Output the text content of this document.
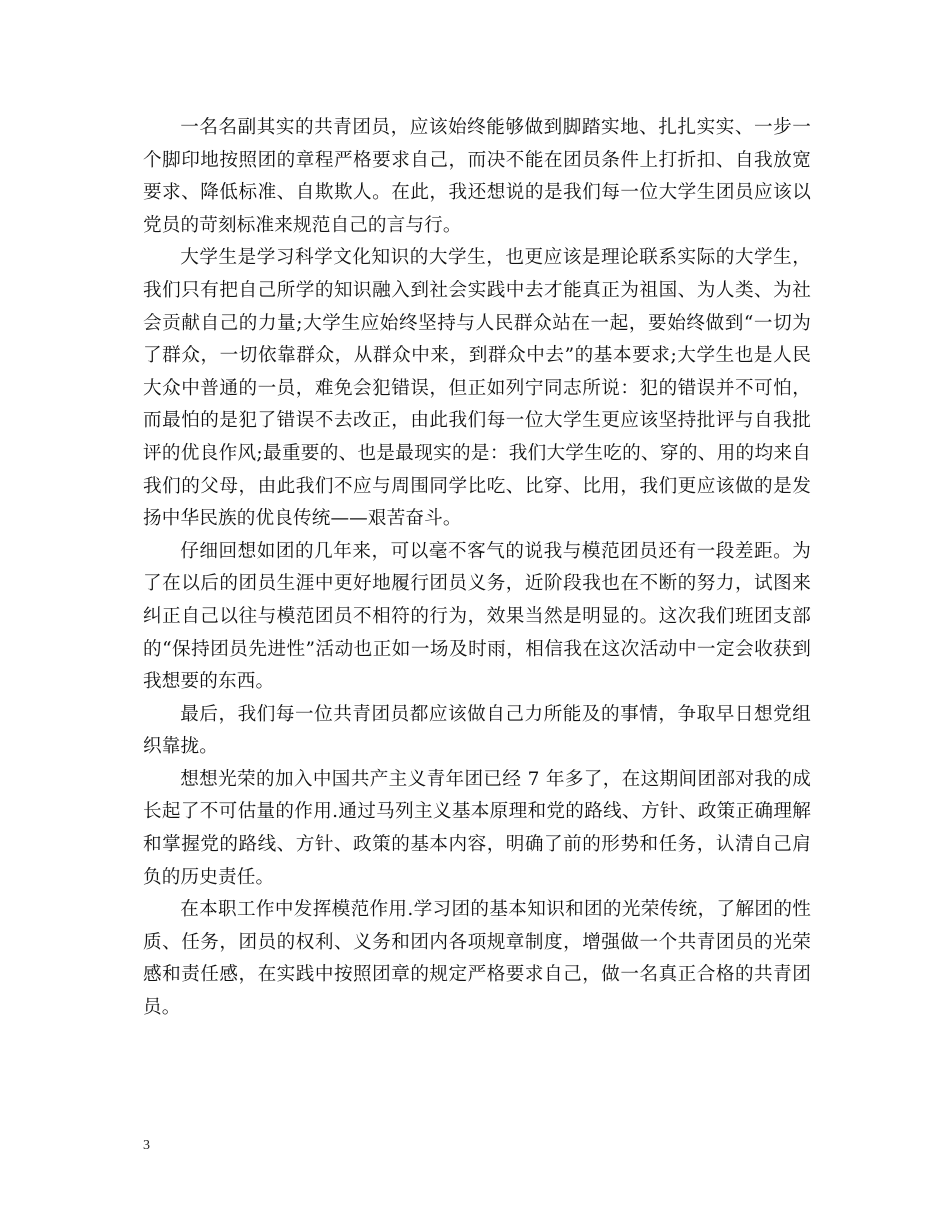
一名名副其实的共青团员，应该始终能够做到脚踏实地、扎扎实实、一步一个脚印地按照团的章程严格要求自己，而决不能在团员条件上打折扣、自我放宽要求、降低标准、自欺欺人。在此，我还想说的是我们每一位大学生团员应该以党员的苛刻标准来规范自己的言与行。

大学生是学习科学文化知识的大学生，也更应该是理论联系实际的大学生，我们只有把自己所学的知识融入到社会实践中去才能真正为祖国、为人类、为社会贡献自己的力量;大学生应始终坚持与人民群众站在一起，要始终做到“一切为了群众，一切依靠群众，从群众中来，到群众中去”的基本要求;大学生也是人民大众中普通的一员，难免会犯错误，但正如列宁同志所说：犯的错误并不可怕，而最怕的是犯了错误不去改正，由此我们每一位大学生更应该坚持批评与自我批评的优良作风;最重要的、也是最现实的是：我们大学生吃的、穿的、用的均来自我们的父母，由此我们不应与周围同学比吃、比穿、比用，我们更应该做的是发扬中华民族的优良传统——艰苦奋斗。

仔细回想如团的几年来，可以毫不客气的说我与模范团员还有一段差距。为了在以后的团员生涯中更好地履行团员义务，近阶段我也在不断的努力，试图来纠正自己以往与模范团员不相符的行为，效果当然是明显的。这次我们班团支部的“保持团员先进性”活动也正如一场及时雨，相信我在这次活动中一定会收获到我想要的东西。

最后，我们每一位共青团员都应该做自己力所能及的事情，争取早日想党组织靠拢。

想想光荣的加入中国共产主义青年团已经 7 年多了，在这期间团部对我的成长起了不可估量的作用.通过马列主义基本原理和党的路线、方针、政策正确理解和掌握党的路线、方针、政策的基本内容，明确了前的形势和任务，认清自己肩负的历史责任。

在本职工作中发挥模范作用.学习团的基本知识和团的光荣传统，了解团的性质、任务，团员的权利、义务和团内各项规章制度，增强做一个共青团员的光荣感和责任感，在实践中按照团章的规定严格要求自己，做一名真正合格的共青团员。

3
